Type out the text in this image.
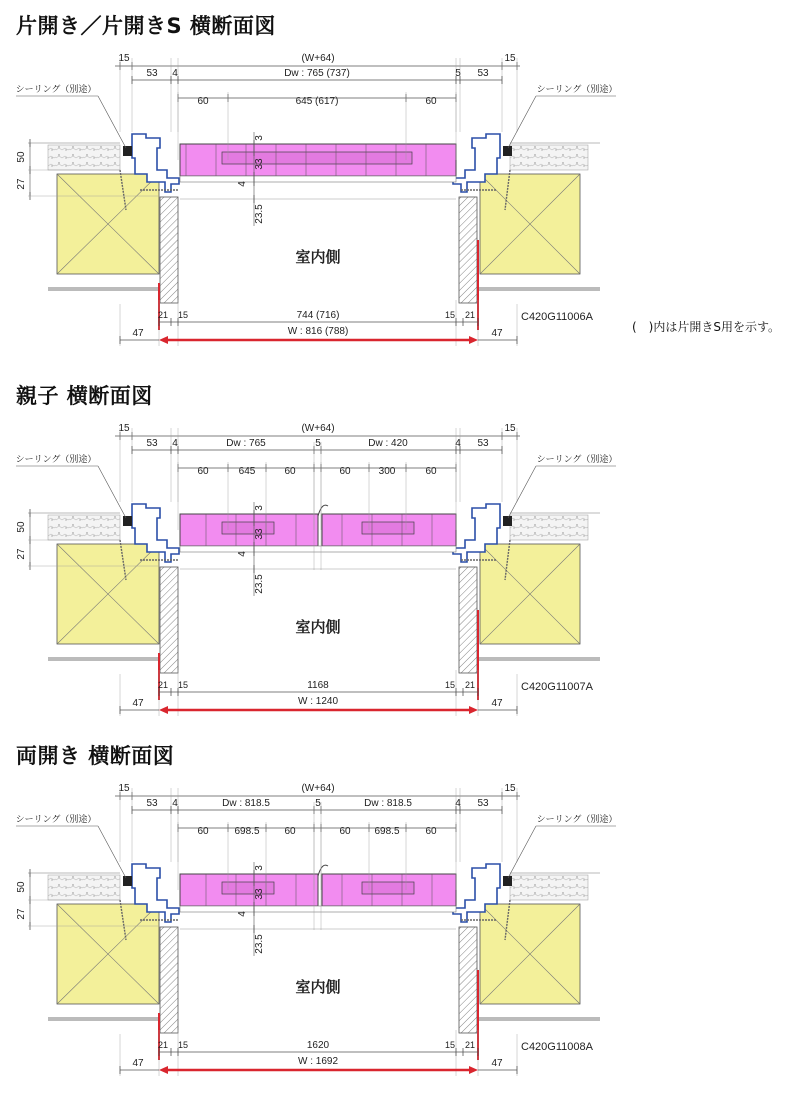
片開き／片開きS 横断面図
(W+64)
15	15
53	53
4	5
Dw : 765 (737)
60	645 (617)	60
50
27
3
33
4
23.5
シーリング（別途）	シーリング（別途）
室内側
21 15	15 21
744 (716)
W : 816 (788)
47	47
C420G11006A
(　)内は片開きS用を示す。
親子 横断面図
(W+64)
15	15
53	53
4	4
5
Dw : 765	Dw : 420
60	645	60	60	300	60
50
27
3
33
4
23.5
シーリング（別途）	シーリング（別途）
室内側
21 15	15 21
1168
W : 1240
47	47
C420G11007A
両開き 横断面図
(W+64)
15	15
53	53
4	4
5
Dw : 818.5	Dw : 818.5
60	698.5 60	60 698.5	60
50
27
3
33
4
23.5
シーリング（別途）	シーリング（別途）
室内側
21 15	15 21
1620
W : 1692
47	47
C420G11008A
